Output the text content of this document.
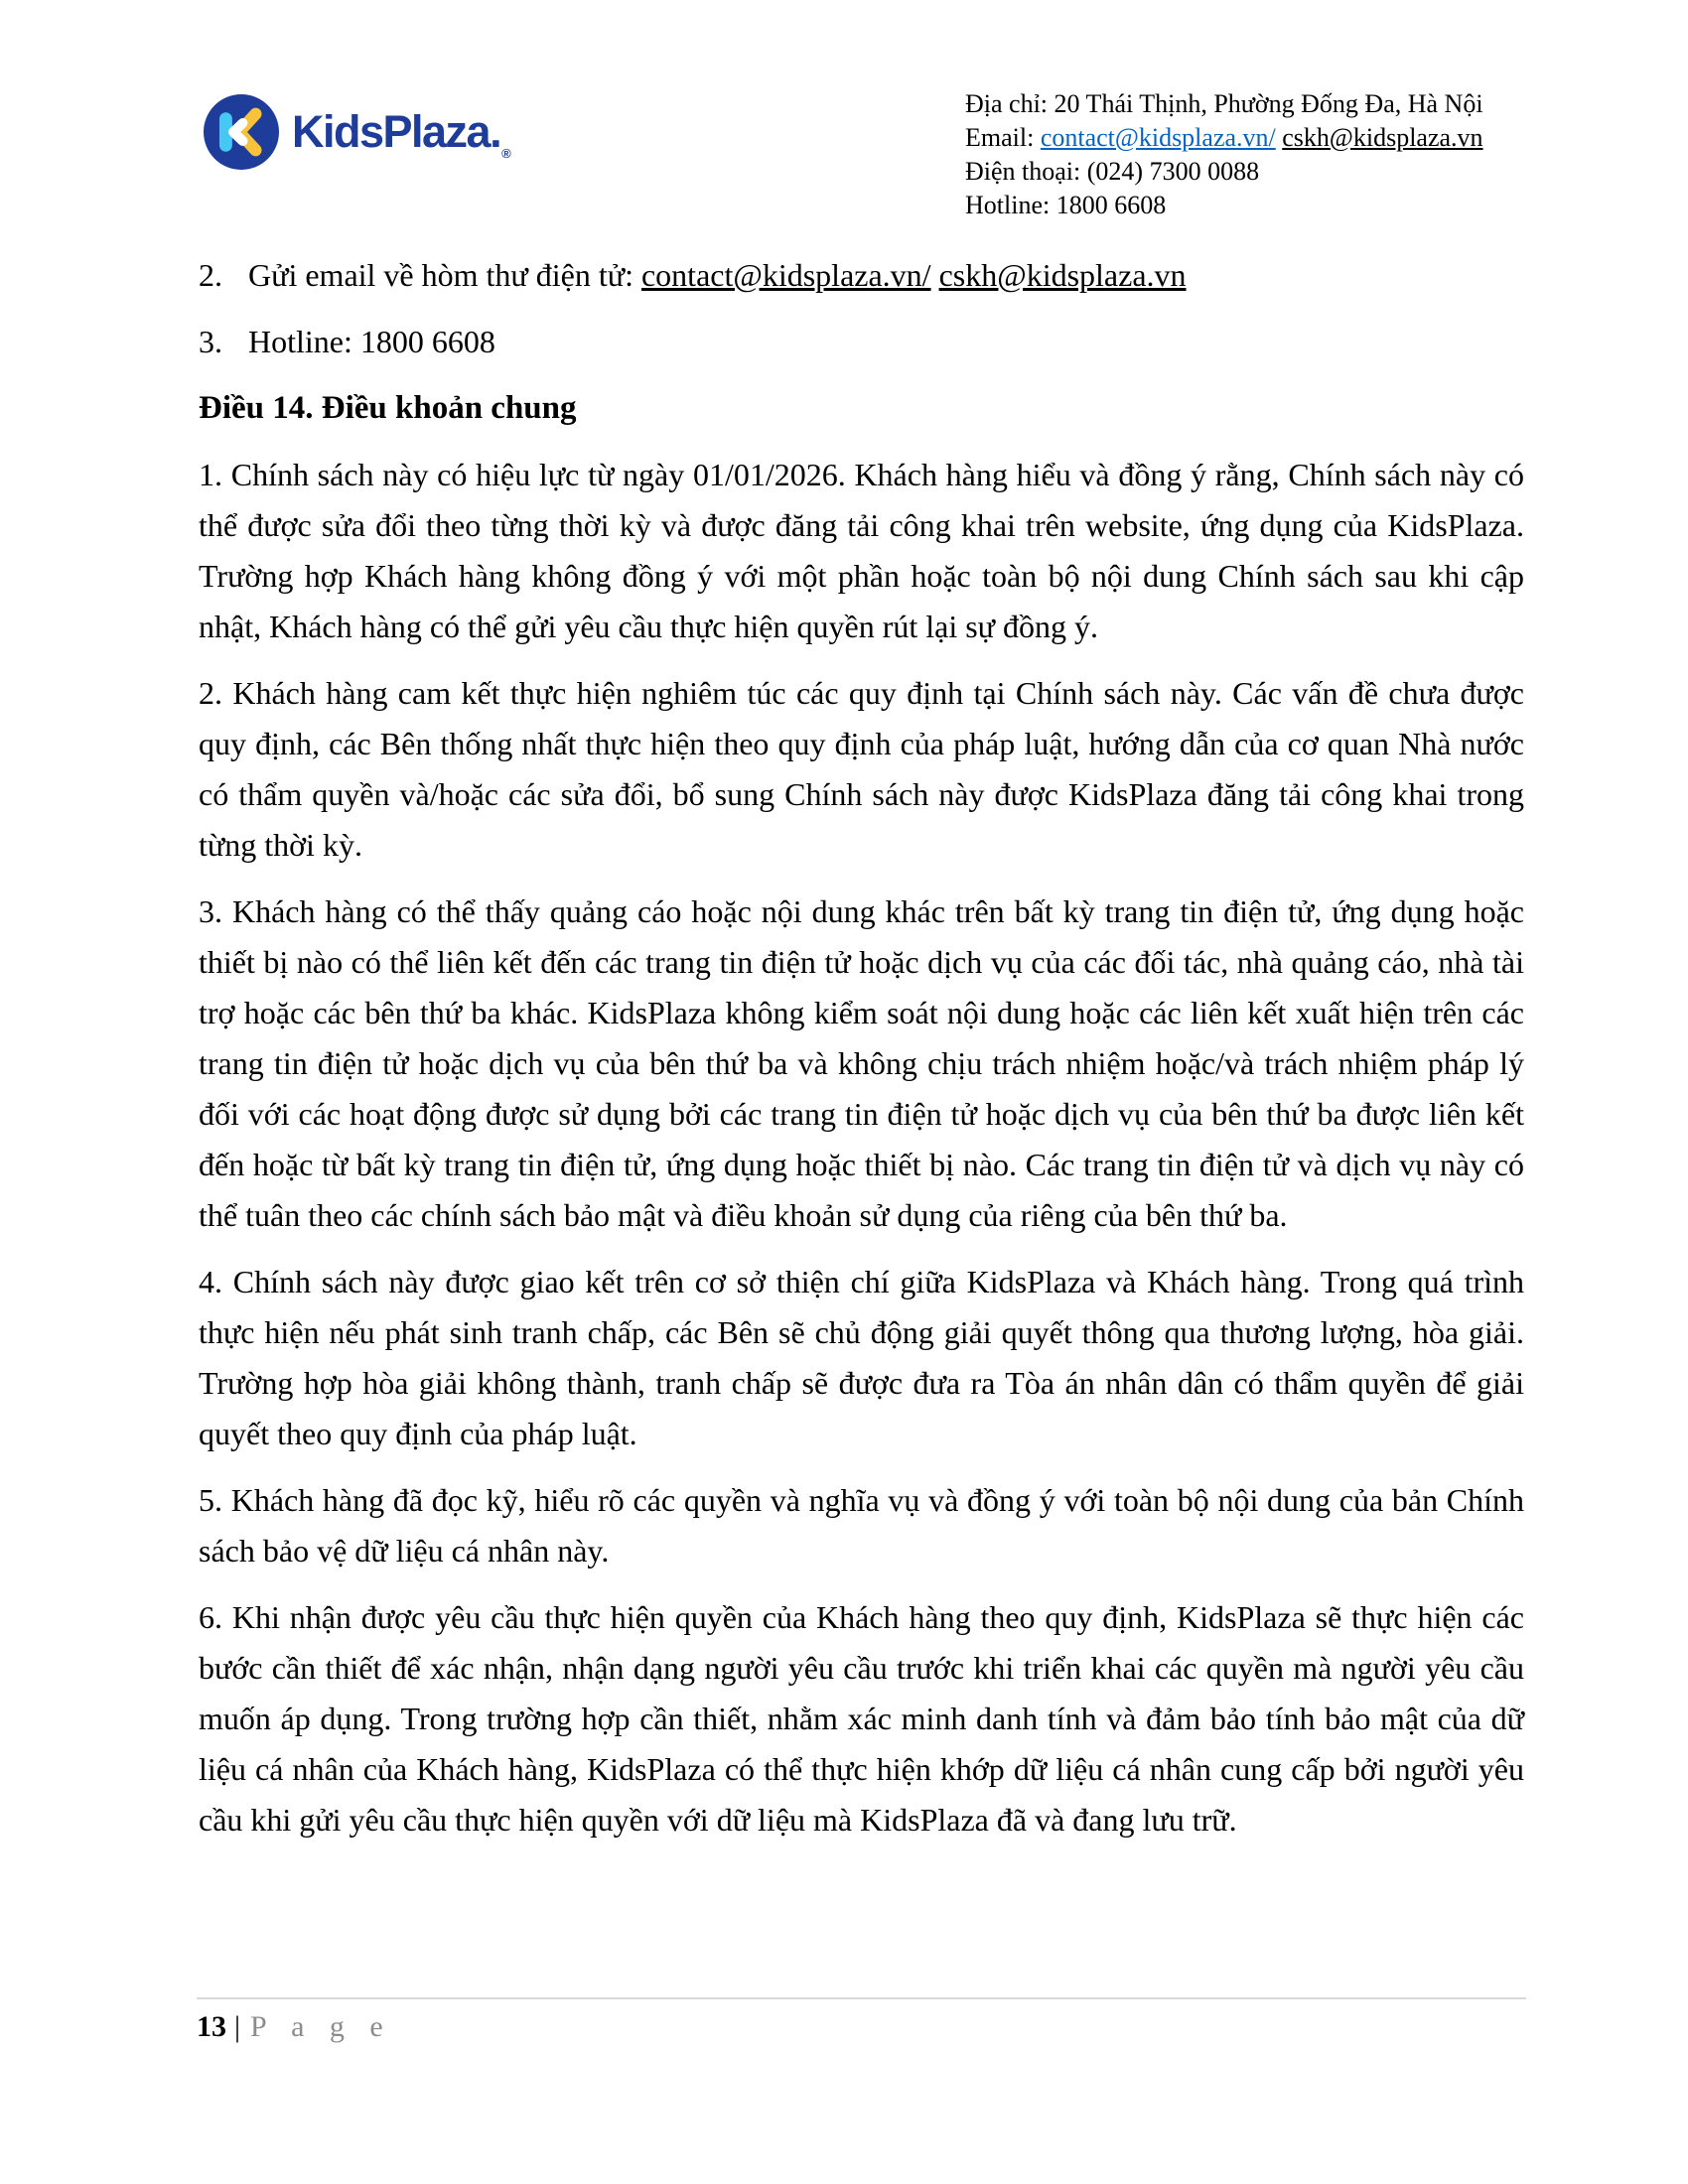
$KidsPlaza._®$
Địa chỉ: 20 Thái Thịnh, Phường Đống Đa, Hà Nội
Email: contact@kidsplaza.vn/ cskh@kidsplaza.vn
Điện thoại: (024) 7300 0088
Hotline: 1800 6608
2. Gửi email về hòm thư điện tử: contact@kidsplaza.vn/ cskh@kidsplaza.vn
3. Hotline: 1800 6608
Điều 14. Điều khoản chung

1. Chính sách này có hiệu lực từ ngày 01/01/2026. Khách hàng hiểu và đồng ý rằng, Chính sách này có thể được sửa đổi theo từng thời kỳ và được đăng tải công khai trên website, ứng dụng của KidsPlaza. Trường hợp Khách hàng không đồng ý với một phần hoặc toàn bộ nội dung Chính sách sau khi cập nhật, Khách hàng có thể gửi yêu cầu thực hiện quyền rút lại sự đồng ý.

2. Khách hàng cam kết thực hiện nghiêm túc các quy định tại Chính sách này. Các vấn đề chưa được quy định, các Bên thống nhất thực hiện theo quy định của pháp luật, hướng dẫn của cơ quan Nhà nước có thẩm quyền và/hoặc các sửa đổi, bổ sung Chính sách này được KidsPlaza đăng tải công khai trong từng thời kỳ.

3. Khách hàng có thể thấy quảng cáo hoặc nội dung khác trên bất kỳ trang tin điện tử, ứng dụng hoặc thiết bị nào có thể liên kết đến các trang tin điện tử hoặc dịch vụ của các đối tác, nhà quảng cáo, nhà tài trợ hoặc các bên thứ ba khác. KidsPlaza không kiểm soát nội dung hoặc các liên kết xuất hiện trên các trang tin điện tử hoặc dịch vụ của bên thứ ba và không chịu trách nhiệm hoặc/và trách nhiệm pháp lý đối với các hoạt động được sử dụng bởi các trang tin điện tử hoặc dịch vụ của bên thứ ba được liên kết đến hoặc từ bất kỳ trang tin điện tử, ứng dụng hoặc thiết bị nào. Các trang tin điện tử và dịch vụ này có thể tuân theo các chính sách bảo mật và điều khoản sử dụng của riêng của bên thứ ba.

4. Chính sách này được giao kết trên cơ sở thiện chí giữa KidsPlaza và Khách hàng. Trong quá trình thực hiện nếu phát sinh tranh chấp, các Bên sẽ chủ động giải quyết thông qua thương lượng, hòa giải. Trường hợp hòa giải không thành, tranh chấp sẽ được đưa ra Tòa án nhân dân có thẩm quyền để giải quyết theo quy định của pháp luật.

5. Khách hàng đã đọc kỹ, hiểu rõ các quyền và nghĩa vụ và đồng ý với toàn bộ nội dung của bản Chính sách bảo vệ dữ liệu cá nhân này.

6. Khi nhận được yêu cầu thực hiện quyền của Khách hàng theo quy định, KidsPlaza sẽ thực hiện các bước cần thiết để xác nhận, nhận dạng người yêu cầu trước khi triển khai các quyền mà người yêu cầu muốn áp dụng. Trong trường hợp cần thiết, nhằm xác minh danh tính và đảm bảo tính bảo mật của dữ liệu cá nhân của Khách hàng, KidsPlaza có thể thực hiện khớp dữ liệu cá nhân cung cấp bởi người yêu cầu khi gửi yêu cầu thực hiện quyền với dữ liệu mà KidsPlaza đã và đang lưu trữ.

13 | P a g e
